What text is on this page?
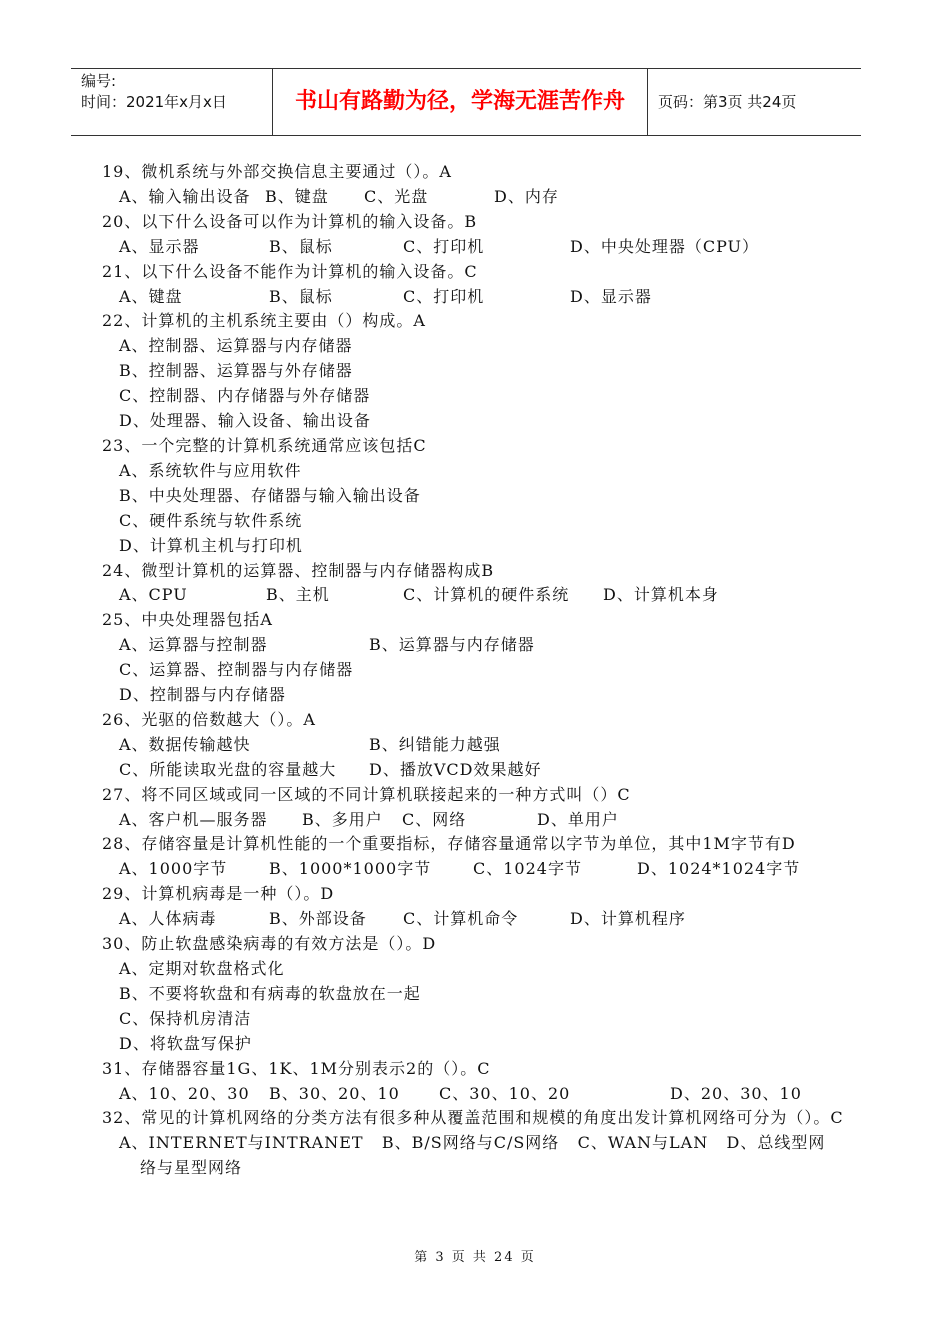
编号:
时间：2021年x月x日	书山有路勤为径，学海无涯苦作舟	页码：第3页 共24页
19、微机系统与外部交换信息主要通过（）。A
A、输入输出设备 B、键盘	C、光盘	D、内存
20、以下什么设备可以作为计算机的输入设备。B
A、显示器	B、鼠标	C、打印机	D、中央处理器（CPU）
21、以下什么设备不能作为计算机的输入设备。C
A、键盘	B、鼠标	C、打印机	D、显示器
22、计算机的主机系统主要由（）构成。A
A、控制器、运算器与内存储器
B、控制器、运算器与外存储器
C、控制器、内存储器与外存储器
D、处理器、输入设备、输出设备
23、一个完整的计算机系统通常应该包括C
A、系统软件与应用软件
B、中央处理器、存储器与输入输出设备
C、硬件系统与软件系统
D、计算机主机与打印机
24、微型计算机的运算器、控制器与内存储器构成B
A、CPU	B、主机	C、计算机的硬件系统	D、计算机本身
25、中央处理器包括A
A、运算器与控制器	B、运算器与内存储器
C、运算器、控制器与内存储器
D、控制器与内存储器
26、光驱的倍数越大（）。A
A、数据传输越快	B、纠错能力越强
C、所能读取光盘的容量越大	D、播放VCD效果越好
27、将不同区域或同一区域的不同计算机联接起来的一种方式叫（）C
A、客户机—服务器	B、多用户	C、网络	D、单用户
28、存储容量是计算机性能的一个重要指标，存储容量通常以字节为单位，其中1M字节有D
A、1000字节	B、1000*1000字节	C、1024字节	D、1024*1024字节
29、计算机病毒是一种（）。D
A、人体病毒	B、外部设备	C、计算机命令	D、计算机程序
30、防止软盘感染病毒的有效方法是（）。D
A、定期对软盘格式化
B、不要将软盘和有病毒的软盘放在一起
C、保持机房清洁
D、将软盘写保护
31、存储器容量1G、1K、1M分别表示2的（）。C
A、10、20、30	B、30、20、10	C、30、10、20	D、20、30、10
32、常见的计算机网络的分类方法有很多种从覆盖范围和规模的角度出发计算机网络可分为（）。C
A、INTERNET与INTRANET B、B/S网络与C/S网络 C、WAN与LAN D、总线型网络与星型网络
第 3 页 共 24 页
